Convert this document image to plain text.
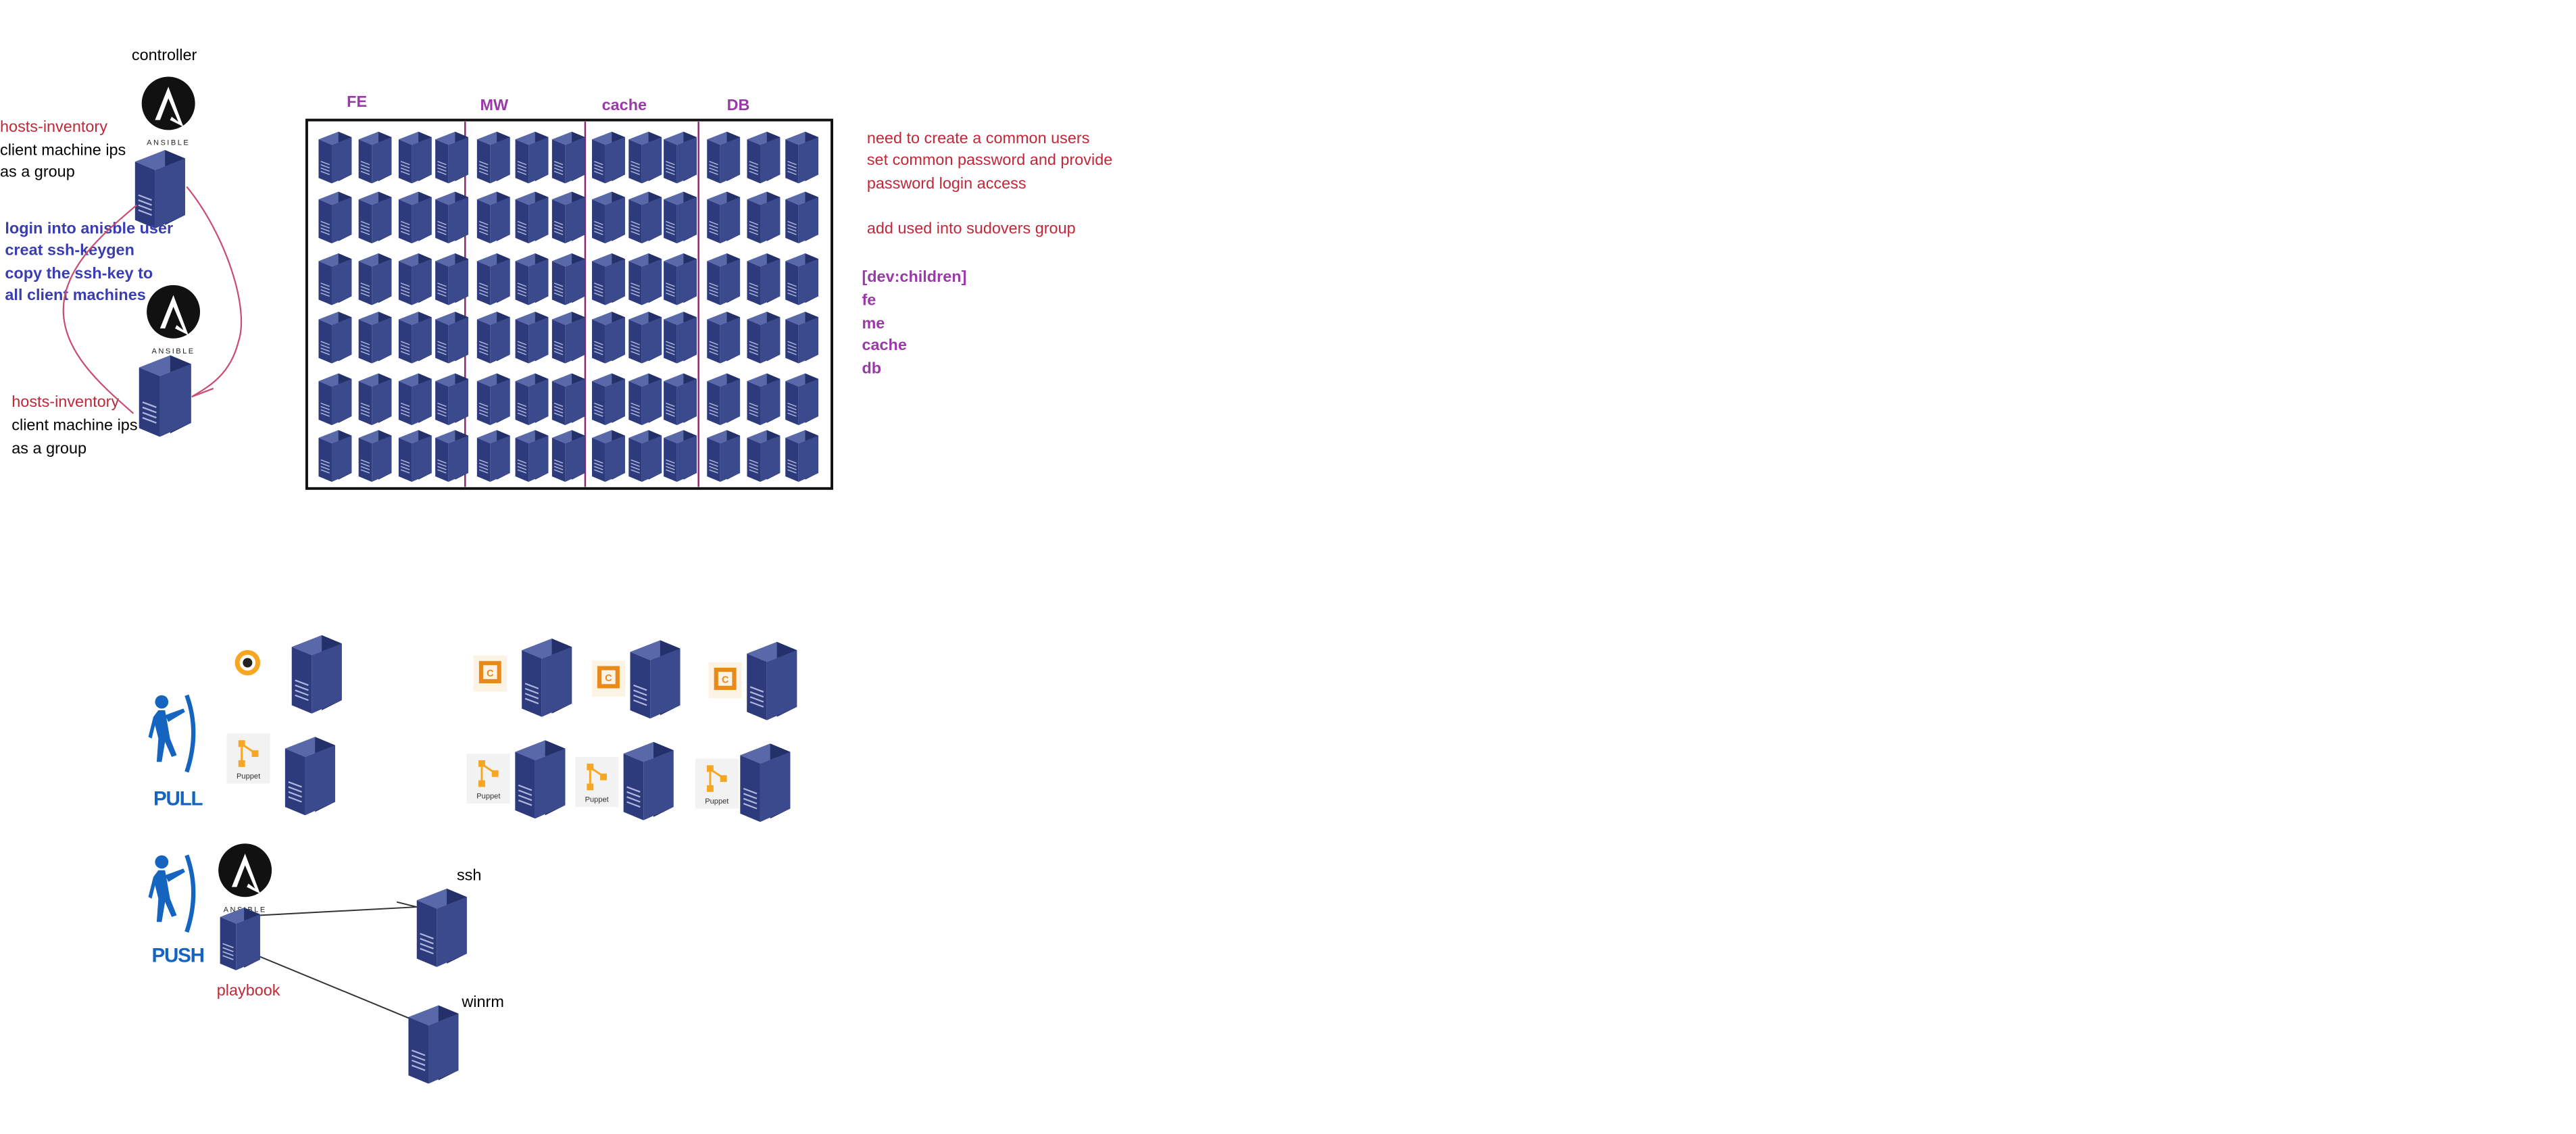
controller
hosts-inventory
client machine ips
as a group
login into anisble user
creat ssh-keygen
copy the ssh-key to
all client machines
hosts-inventory
client machine ips
as a group
FE	MW	cache	DB
need to create a common users
set common password and provide
password login access
add used into sudovers group
[dev:children]
fe
me
cache
db
PULL
PUSH
playbook
ssh
winrm
